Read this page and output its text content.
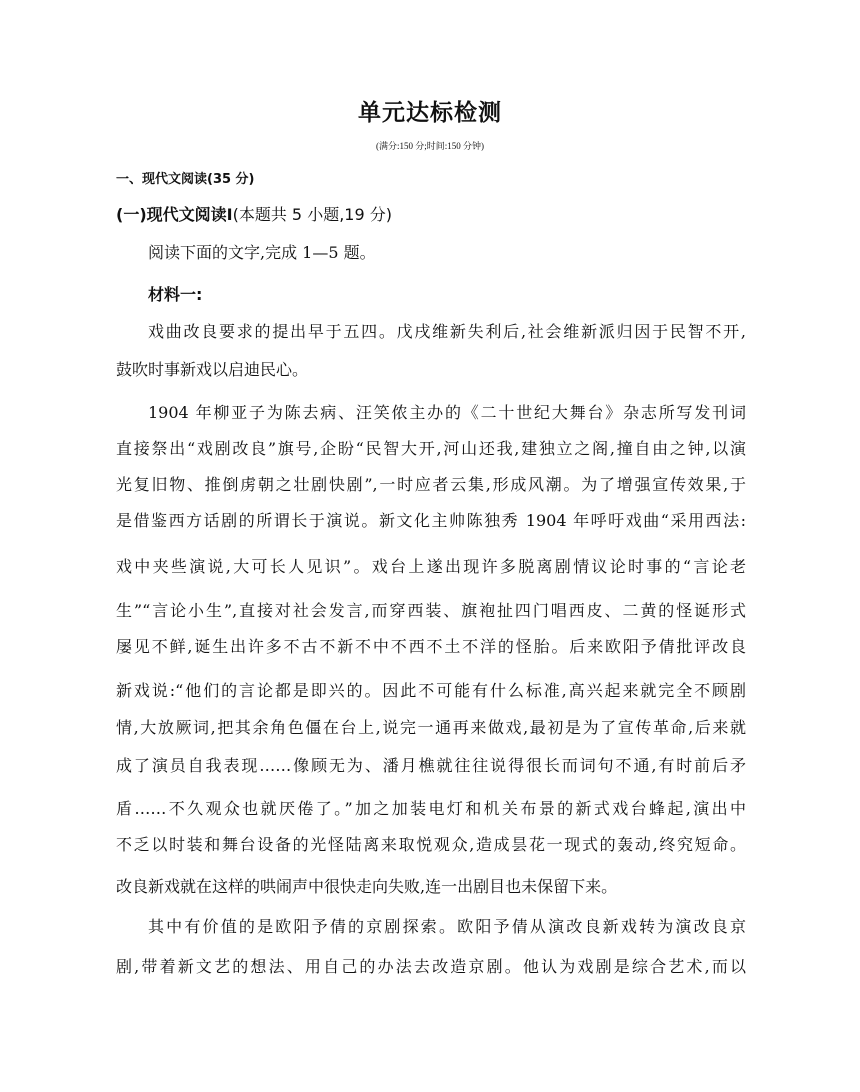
单元达标检测
(满分:150 分;时间:150 分钟)
一、现代文阅读(35 分)
(一)现代文阅读Ⅰ(本题共 5 小题,19 分)
阅读下面的文字,完成 1—5 题。
材料一:
戏曲改良要求的提出早于五四。戊戌维新失利后,社会维新派归因于民智不开,
鼓吹时事新戏以启迪民心。
1904 年柳亚子为陈去病、汪笑侬主办的《二十世纪大舞台》杂志所写发刊词
直接祭出“戏剧改良”旗号,企盼“民智大开,河山还我,建独立之阁,撞自由之钟,以演
光复旧物、推倒虏朝之壮剧快剧”,一时应者云集,形成风潮。为了增强宣传效果,于
是借鉴西方话剧的所谓长于演说。新文化主帅陈独秀 1904 年呼吁戏曲“采用西法:
戏中夹些演说,大可长人见识”。戏台上遂出现许多脱离剧情议论时事的“言论老
生”“言论小生”,直接对社会发言,而穿西装、旗袍扯四门唱西皮、二黄的怪诞形式
屡见不鲜,诞生出许多不古不新不中不西不土不洋的怪胎。后来欧阳予倩批评改良
新戏说:“他们的言论都是即兴的。因此不可能有什么标准,高兴起来就完全不顾剧
情,大放厥词,把其余角色僵在台上,说完一通再来做戏,最初是为了宣传革命,后来就
成了演员自我表现……像顾无为、潘月樵就往往说得很长而词句不通,有时前后矛
盾……不久观众也就厌倦了。”加之加装电灯和机关布景的新式戏台蜂起,演出中
不乏以时装和舞台设备的光怪陆离来取悦观众,造成昙花一现式的轰动,终究短命。
改良新戏就在这样的哄闹声中很快走向失败,连一出剧目也未保留下来。
其中有价值的是欧阳予倩的京剧探索。欧阳予倩从演改良新戏转为演改良京
剧,带着新文艺的想法、用自己的办法去改造京剧。他认为戏剧是综合艺术,而以
